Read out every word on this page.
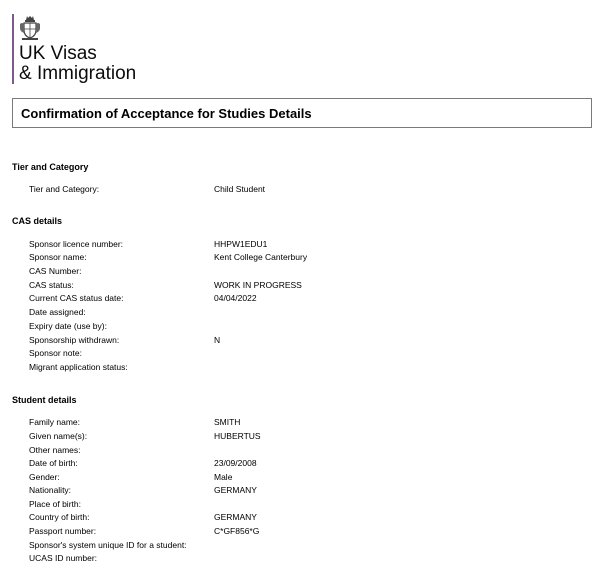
UK Visas
& Immigration
Confirmation of Acceptance for Studies Details
Tier and Category
Tier and Category:	Child Student
CAS details
Sponsor licence number:	HHPW1EDU1
Sponsor name:	Kent College Canterbury
CAS Number:
CAS status:	WORK IN PROGRESS
Current CAS status date:	04/04/2022
Date assigned:
Expiry date (use by):
Sponsorship withdrawn:	N
Sponsor note:
Migrant application status:
Student details
Family name:	SMITH
Given name(s):	HUBERTUS
Other names:
Date of birth:	23/09/2008
Gender:	Male
Nationality:	GERMANY
Place of birth:
Country of birth:	GERMANY
Passport number:	C*GF856*G
Sponsor's system unique ID for a student:
UCAS ID number:
